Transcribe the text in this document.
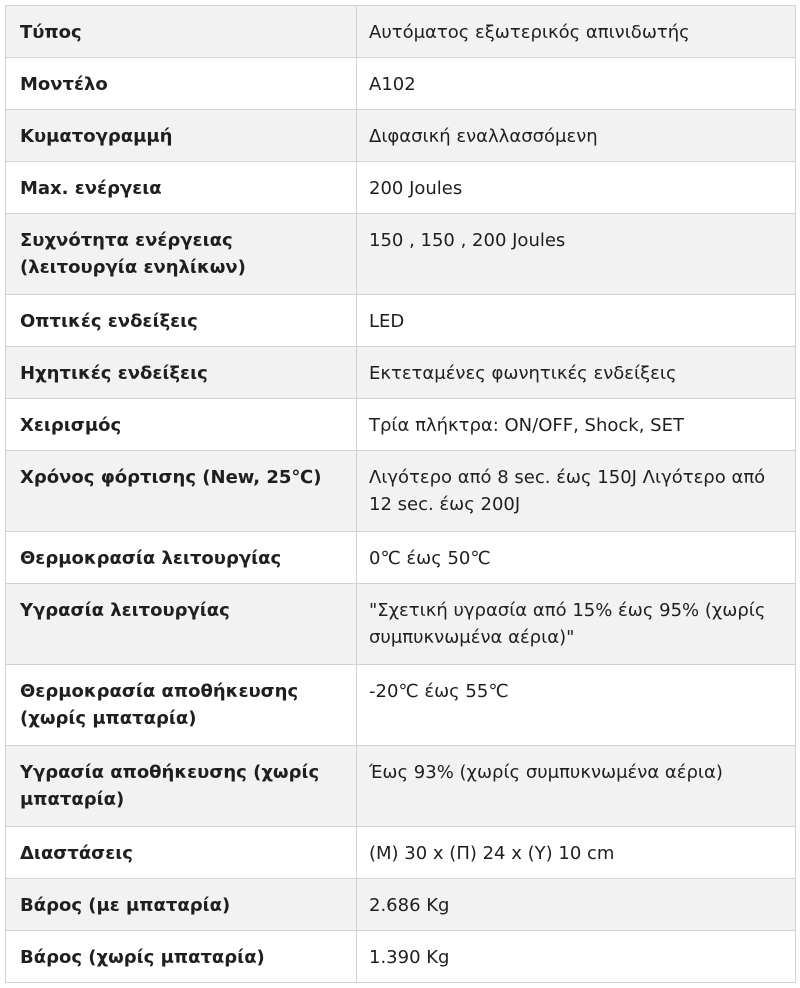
Τύπος	Αυτόματος εξωτερικός απινιδωτής
Μοντέλο	A102
Κυματογραμμή	Διφασική εναλλασσόμενη
Max. ενέργεια	200 Joules
Συχνότητα ενέργειας (λειτουργία ενηλίκων)	150 , 150 , 200 Joules
Οπτικές ενδείξεις	LED
Ηχητικές ενδείξεις	Εκτεταμένες φωνητικές ενδείξεις
Χειρισμός	Τρία πλήκτρα: ON/OFF, Shock, SET
Χρόνος φόρτισης (New, 25℃)	Λιγότερο από 8 sec. έως 150J Λιγότερο από 12 sec. έως 200J
Θερμοκρασία λειτουργίας	0℃ έως 50℃
Υγρασία λειτουργίας	"Σχετική υγρασία από 15% έως 95% (χωρίς συμπυκνωμένα αέρια)"
Θερμοκρασία αποθήκευσης (χωρίς μπαταρία)	-20℃ έως 55℃
Υγρασία αποθήκευσης (χωρίς μπαταρία)	Έως 93% (χωρίς συμπυκνωμένα αέρια)
Διαστάσεις	(Μ) 30 x (Π) 24 x (Υ) 10 cm
Βάρος (με μπαταρία)	2.686 Kg
Βάρος (χωρίς μπαταρία)	1.390 Kg
